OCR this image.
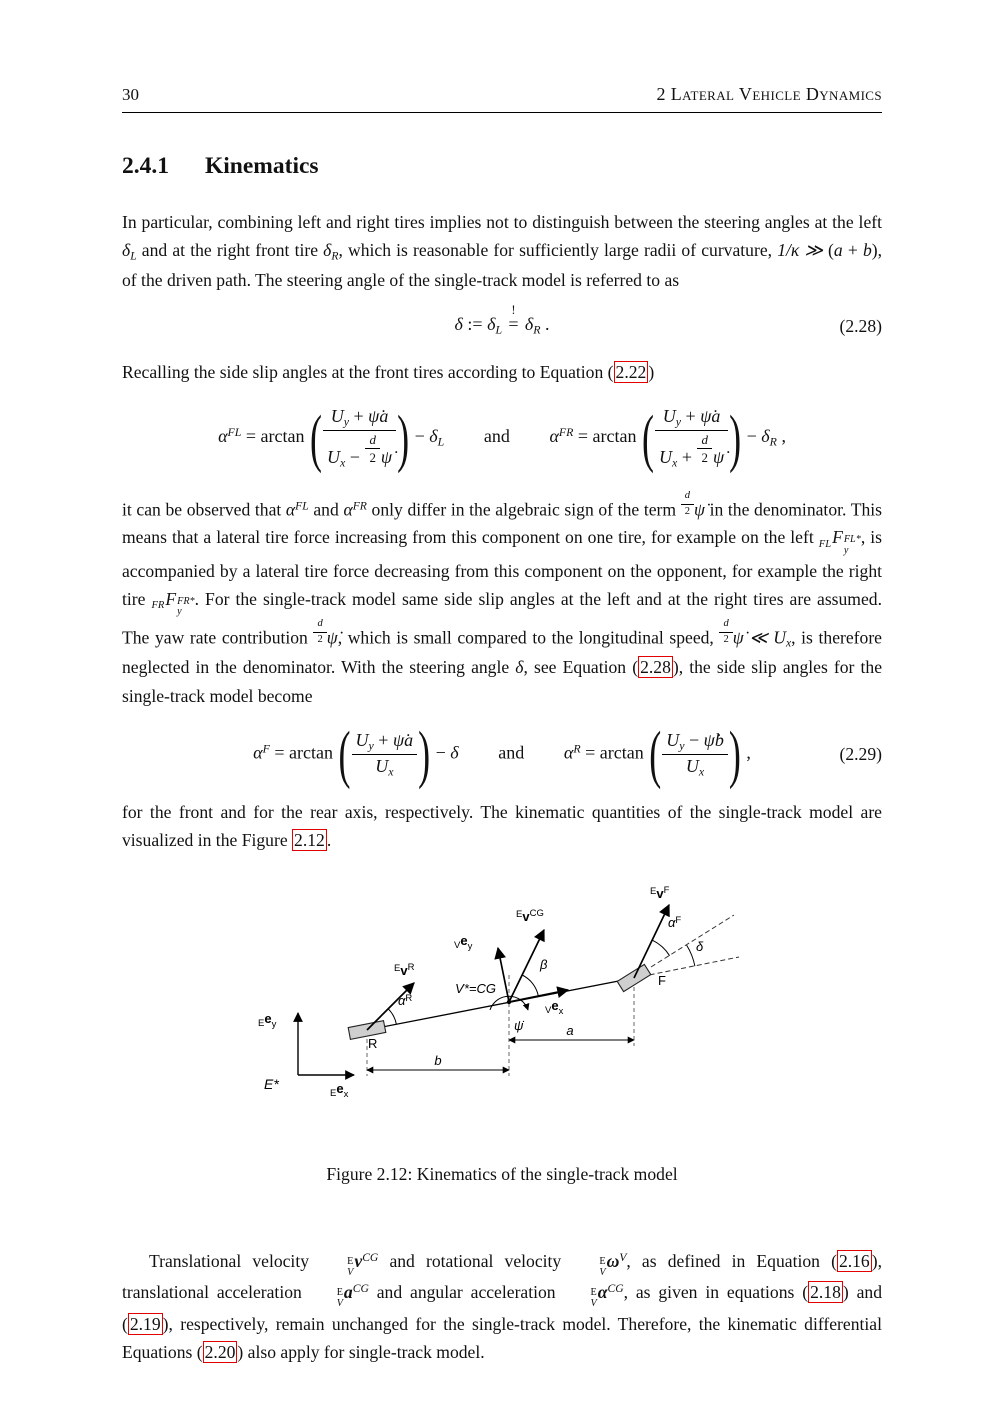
30	2 Lateral Vehicle Dynamics
2.4.1 Kinematics

In particular, combining left and right tires implies not to distinguish between the steering angles at the left δL and at the right front tire δR, which is reasonable for sufficiently large radii of curvature, 1/κ ≫ (a + b), of the driven path. The steering angle of the single-track model is referred to as

δ := δL
!
= δR .	(2.28)

Recalling the side slip angles at the front tires according to Equation ( 2.22 )

$\alpha^{FL} = \arctan$ ( $\frac{Uy + \psi̇a}{Ux - \frac{d}{2} \psi̇}$ ) − δL and $\alpha^{FR} = \arctan$ ( $\frac{Uy + \psi̇a}{Ux + \frac{d}{2} \psi̇}$ ) − δR ,

it can be observed that $\alpha^{FL}$ and $\alpha^{FR}$ only differ in the algebraic sign of the term $\frac{d}{2}$ ψ̇ in the denominator. This means that a lateral tire force increasing from this component on one tire, for example on the left $_{FL}$F FL*
y
, is accompanied by a lateral tire force decreasing from this component on the opponent, for example the right tire $_{FR}$F FR*
y
. For the single-track model same side slip angles at the left and at the right tires are assumed. The yaw rate contribution $\frac{d}{2}$ ψ̇, which is small compared to the longitudinal speed, $\frac{d}{2}$ ψ̇ ≪ Ux, is therefore neglected in the denominator. With the steering angle δ, see Equation ( 2.28 ), the side slip angles for the single-track model become

$\alpha^F = \arctan$ ( $\frac{Uy + \psi̇a}{Ux}$ ) − δ and $\alpha^R = \arctan$ ( $\frac{Uy - \psi̇b}{Ux}$ ) ,	(2.29)

for the front and for the rear axis, respectively. The kinematic quantities of the single-track model are visualized in the Figure 2.12 .

$^Ev^F$
$\alpha^F$
δ
F
$^Ev^{CG}$
β
$_Ve_y$
$_Ve_x$
$^Ev^R$
$\alpha^R$
R
V*=CG
ψ̇	a
b
E*
$_Ee_y$
$_Ee_x$
Figure 2.12: Kinematics of the single-track model

Translational velocity	E
V
$v^{CG}$ and rotational velocity	E
V
$\omega^V$, as defined in Equation ( 2.16 ), translational acceleration	E
V
$a^{CG}$ and angular acceleration	E
V
$\alpha^{CG}$, as given in equations ( 2.18 ) and ( 2.19 ), respectively, remain unchanged for the single-track model. Therefore, the kinematic differential Equations ( 2.20 ) also apply for single-track model.
